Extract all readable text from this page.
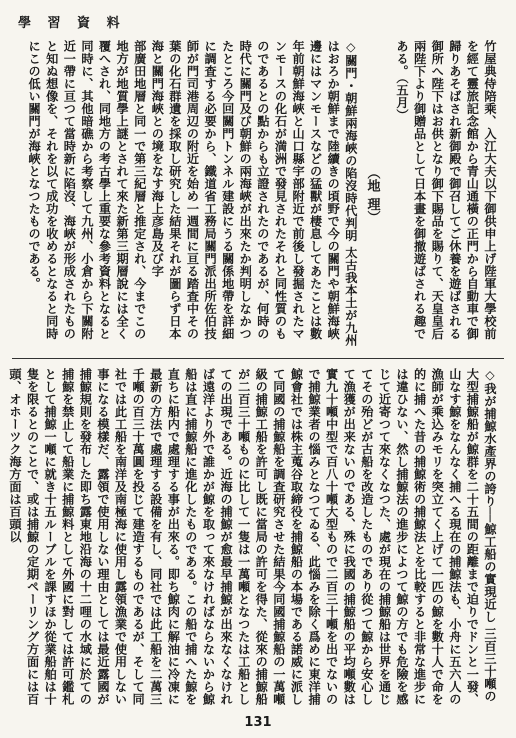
學 習 資 料

竹屋典侍陪乘、入江大夫以下御供申上げ陛軍大學校前を經て靈旅記念館から青山通橫の正門から自動車で御歸りあそばされ新御殿で御召してご休養を遊ばされる御所へ陛下はお供となり御下賜品を賜りて、天皇皇后兩陛下より御贈品として日本畫を御撤遊ばされる趣である。（五月）

（地 理）

◇關門・朝鮮兩海峽の陷沒時代判明 太古我本土が九州はおろか朝鮮まで陸續きの頃野で今の關門や朝鮮海峽邊にはマンモースなどの猛獸が棲息してあたことは數年前朝鮮海峽と山口縣宇部附近で前後し發掘されたマンモースの化石が満洲で發見されたそれと同性質のものであるとの點からも立證されたのであるが、何時の時代に關門及び朝鮮の兩海峽が出來たか判明しなかつたところ今回關門トンネル建設にうる關係地帶を詳細に調査する必要から、鐵道省工務局關門派出所佐伯技師が門司港周辺の附近を始め一週間に亘る踏査中その葉の化石群遺を採取し研究した結果それが圖らず日本海と關門海峽との境をなす海上彦島及び字

部廣田地層と同一で第三紀層と推定され、今までこの地方が地質學上謎とされて來た新第三期層說には全く覆へされ、同地方の考古學上重要な參考資料となると同時に、其他暗礁から考察して九州、小倉から下關附近一帶に亘つて當時新に陷沒、海峽が形成されたものと知ぬ想像を、それを以て成功を收めるとなると同時にこの低い關門が海峽となつたものである。

◇我が捕鯨水產界の誇り──鯨工船の實現近し 三百三十噸の大型捕鯨船が鯨群を二十五間の距離まで迫りでドンと一發、山なす鯨をなんなく捕へる現在の捕鯨法も、小舟に五六人の漁師が乘込みモリを突立てく上げて一匹の鯨を數十人で命を的に捕へた昔の捕鯨術の捕鯨法とを比較すると非常な進步には違ひない、然し捕鯨法の進步によつて鯨の方でも危險を感じて近寄つて來なくなつた、處が現在の捕鯨船は世界を通じてその殆どが古船を改造したものであり從つて鯨から安心して漁獲が出来ないのである、殊に我國の捕鯨船の平均噸數は實九十噸中型で百八十噸大型もので二百三十噸を出でないの

で捕鯨業者の惱みとなつてゐる、此惱みを除く爲めに東洋捕鯨會社では株主蒐谷取締役を捕鯨船の本場である諾威に派して同國の捕鯨船を調査研究させた結果今同國捕鯨船の一萬噸級の捕鯨工船を許可し既に當局の許可を得た、從來の捕鯨船が二百三十噸ものに比して一隻は一萬噸となつたは工船としての出現である。近海の捕鯨が愈最早捕鯨が出來なくなければ遠洋より外で誰かが鯨を取って來なければならないから鯨船は直に捕鯨船に進化したものである。この船で捕へた鯨を直ちに船内で處理する事が出來る。即ち鯨肉に解油に冷凍に最新の方法で處理する設備を有し、同社では此工船を二萬三千噸の百三十萬圓を投じて建造するものであるが、そして同社では此工船を南洋及南極海に使用し露領漁業で使用しない事になる模樣だ、露領で使用しない理由としては最近露國が捕鯨規則を發布した即ち露東地沿海の十二哩の水域に於ての捕鯨を禁止して船業に捕鯨料として外國に對しては許可鑑札として捕鯨一噸に就き十五ルーブルを課すほか從業船舶は十隻を限るとのことで、或は捕鯨の定期ペーリング方面には百頭、オホーツク海方面は百頭以

131
